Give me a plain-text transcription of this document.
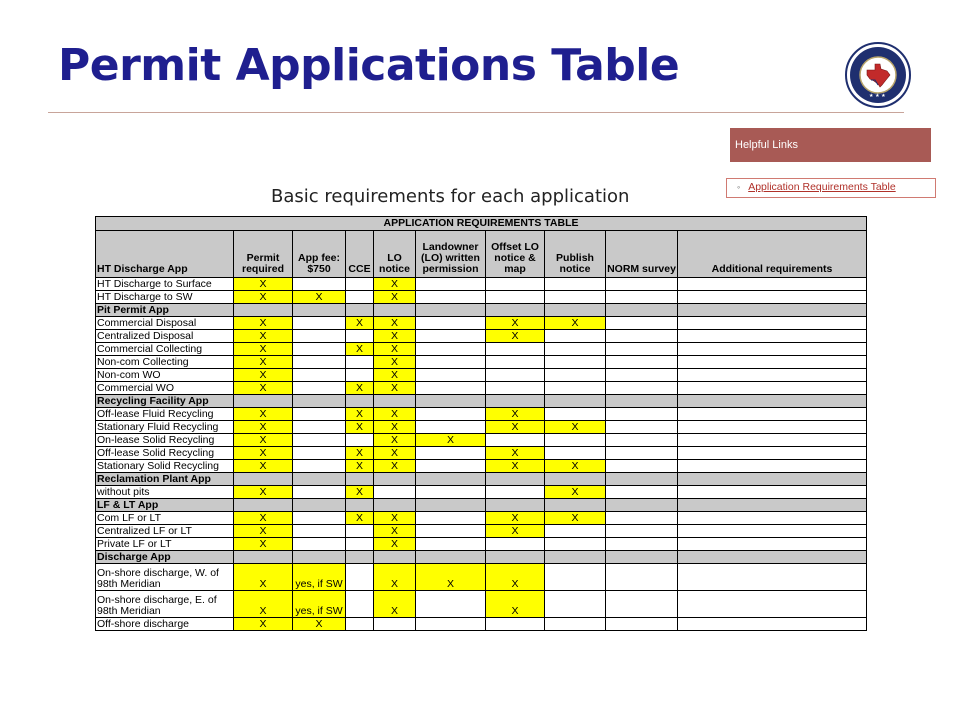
Permit Applications Table
★ ★ ★
Helpful Links
◦ Application Requirements Table
Basic requirements for each application
APPLICATION REQUIREMENTS TABLE									
HT Discharge App	Permit required	App fee: $750	CCE	LO notice	Landowner (LO) written permission	Offset LO notice & map	Publish notice	NORM survey	Additional requirements
HT Discharge to Surface	X			X					
HT Discharge to SW	X	X		X					
Pit Permit App									
Commercial Disposal	X		X	X		X	X		
Centralized Disposal	X			X		X			
Commercial Collecting	X		X	X					
Non-com Collecting	X			X					
Non-com WO	X			X					
Commercial WO	X		X	X					
Recycling Facility App									
Off-lease Fluid Recycling	X		X	X		X			
Stationary Fluid Recycling	X		X	X		X	X		
On-lease Solid Recycling	X			X	X				
Off-lease Solid Recycling	X		X	X		X			
Stationary Solid Recycling	X		X	X		X	X		
Reclamation Plant App									
without pits	X		X				X		
LF & LT App									
Com LF or LT	X		X	X		X	X		
Centralized LF or LT	X			X		X			
Private LF or LT	X			X					
Discharge App									
On-shore discharge, W. of 98th Meridian	X	yes, if SW		X	X	X			
On-shore discharge, E. of 98th Meridian	X	yes, if SW		X		X			
Off-shore discharge	X	X							
